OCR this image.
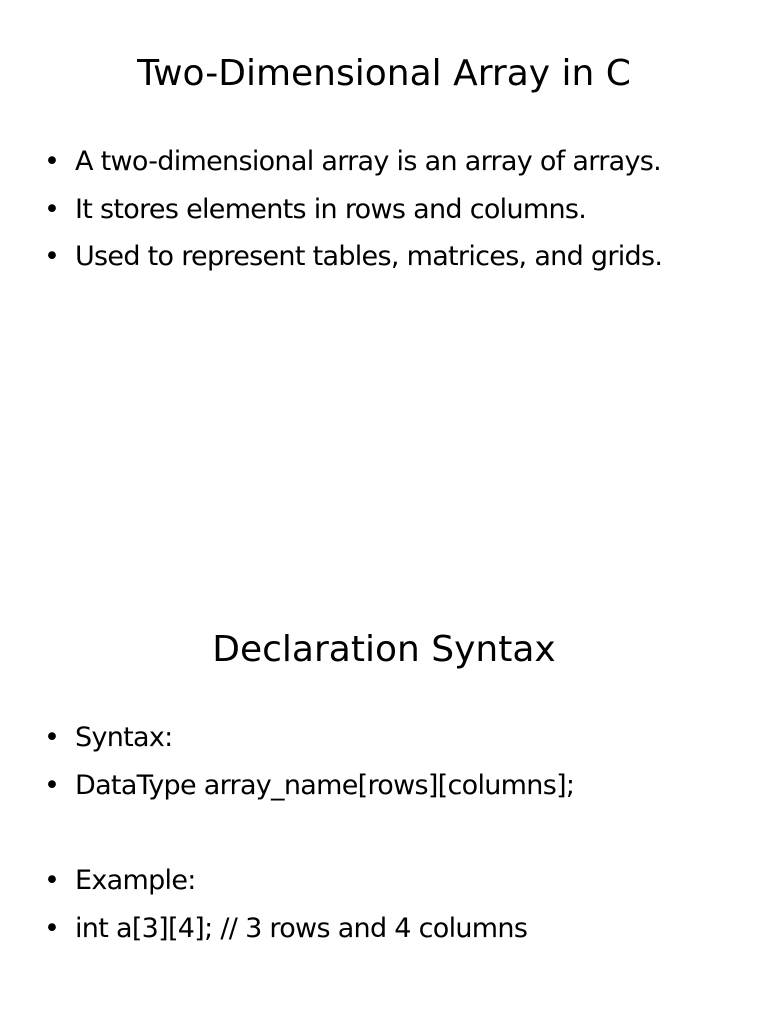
Two-Dimensional Array in C
• A two-dimensional array is an array of arrays.
• It stores elements in rows and columns.
• Used to represent tables, matrices, and grids.
Declaration Syntax
• Syntax:
• DataType array_name[rows][columns];
• Example:
• int a[3][4]; // 3 rows and 4 columns
